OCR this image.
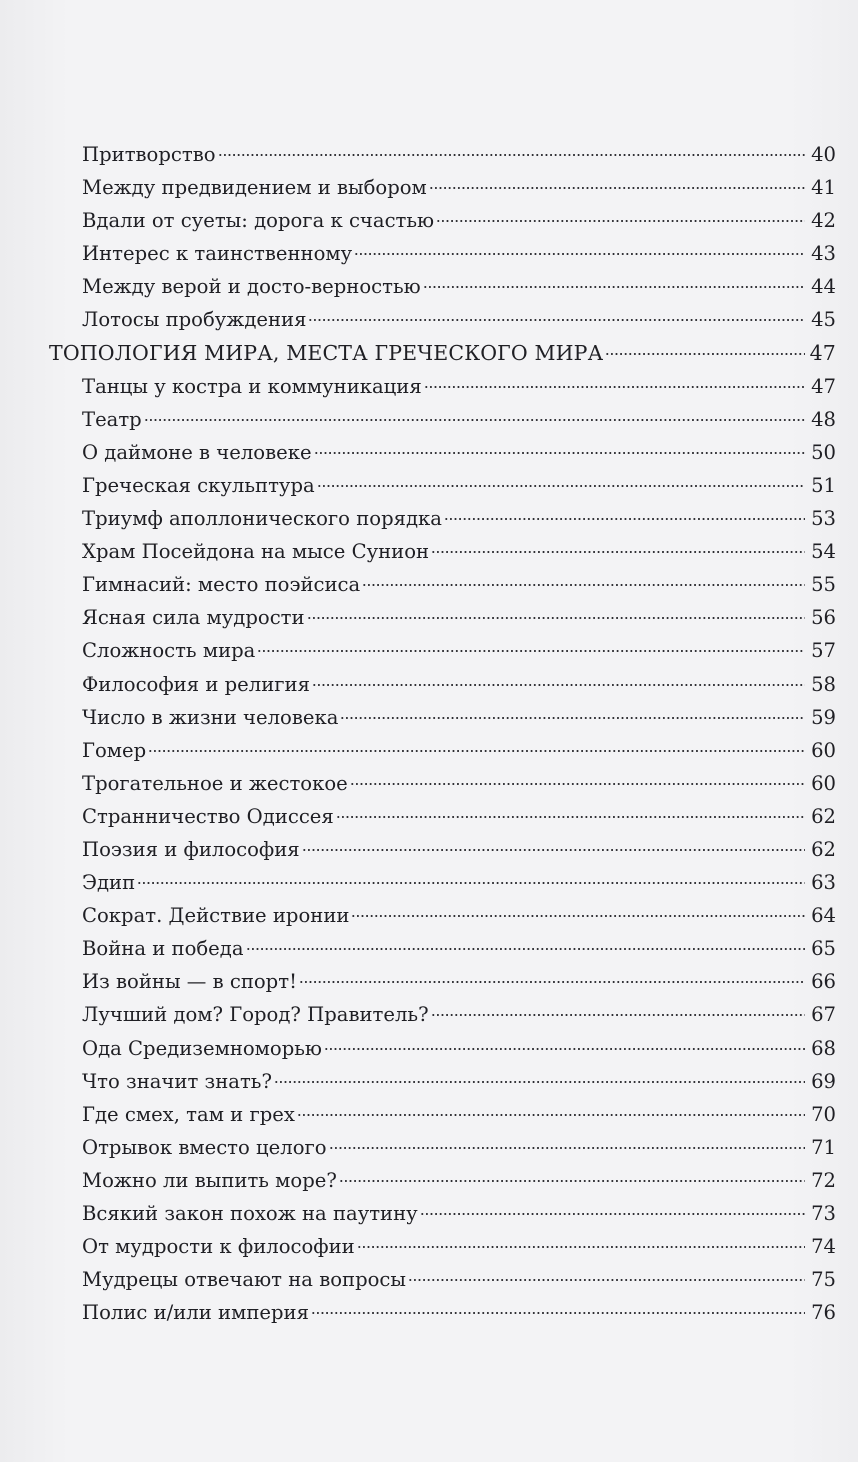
Притворство	40
Между предвидением и выбором	41
Вдали от суеты: дорога к счастью	42
Интерес к таинственному	43
Между верой и досто-верностью	44
Лотосы пробуждения	45
ТОПОЛОГИЯ МИРА, МЕСТА ГРЕЧЕСКОГО МИРА	47
Танцы у костра и коммуникация	47
Театр	48
О даймоне в человеке	50
Греческая скульптура	51
Триумф аполлонического порядка	53
Храм Посейдона на мысе Сунион	54
Гимнасий: место поэйсиса	55
Ясная сила мудрости	56
Сложность мира	57
Философия и религия	58
Число в жизни человека	59
Гомер	60
Трогательное и жестокое	60
Странничество Одиссея	62
Поэзия и философия	62
Эдип	63
Сократ. Действие иронии	64
Война и победа	65
Из войны — в спорт!	66
Лучший дом? Город? Правитель?	67
Ода Средиземноморью	68
Что значит знать?	69
Где смех, там и грех	70
Отрывок вместо целого	71
Можно ли выпить море?	72
Всякий закон похож на паутину	73
От мудрости к философии	74
Мудрецы отвечают на вопросы	75
Полис и/или империя	76
